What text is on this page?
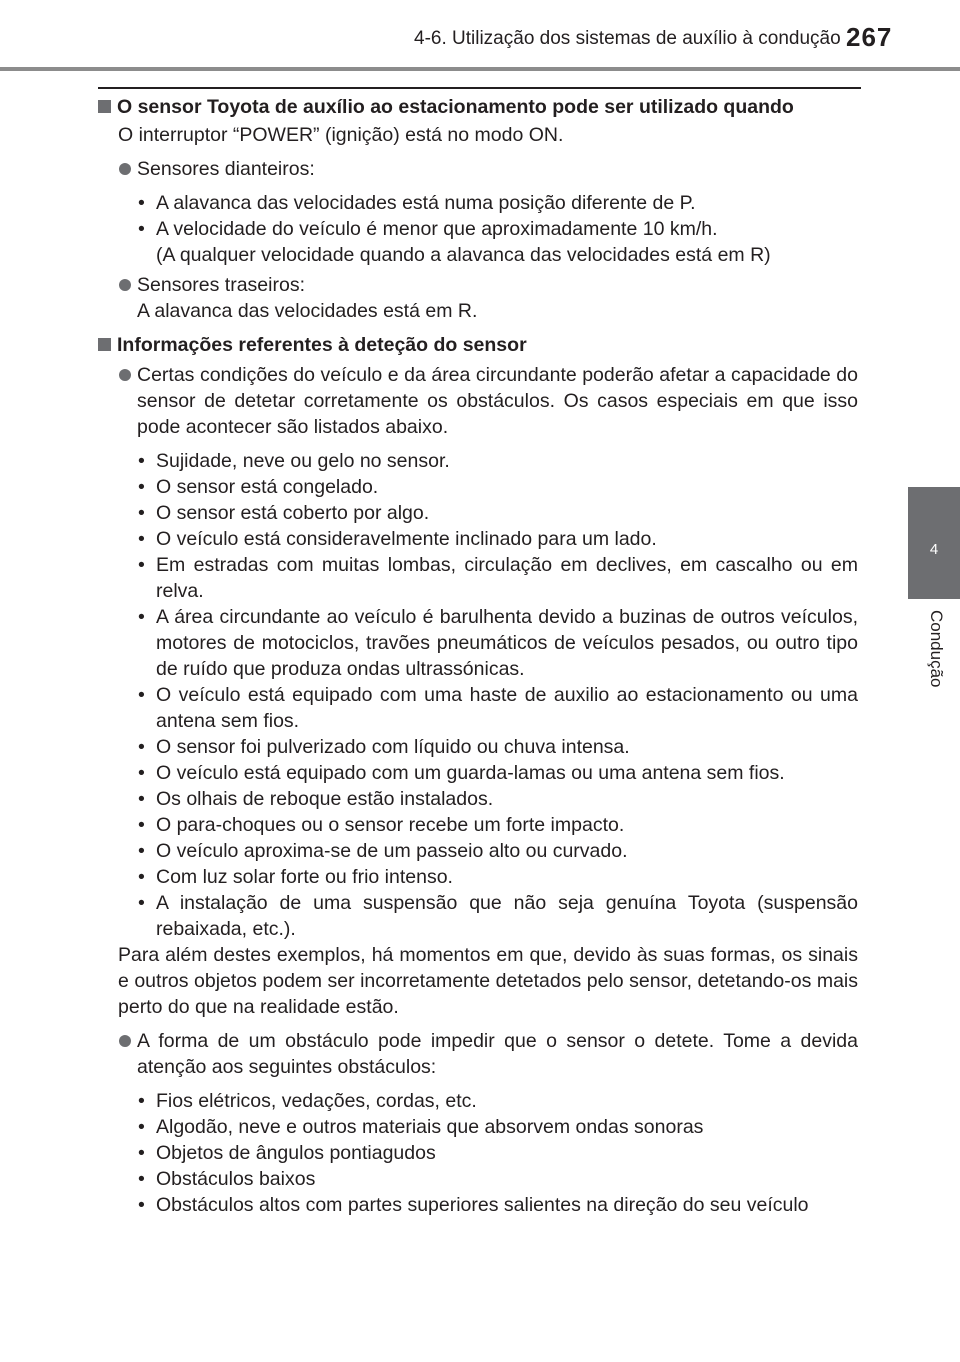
4-6. Utilização dos sistemas de auxílio à condução 267
4
Condução
O sensor Toyota de auxílio ao estacionamento pode ser utilizado quando
O interruptor “POWER” (ignição) está no modo ON.
Sensores dianteiros:
• A alavanca das velocidades está numa posição diferente de P.
• A velocidade do veículo é menor que aproximadamente 10 km/h.
(A qualquer velocidade quando a alavanca das velocidades está em R)
Sensores traseiros:
A alavanca das velocidades está em R.
Informações referentes à deteção do sensor
Certas condições do veículo e da área circundante poderão afetar a capacidade do sensor de detetar corretamente os obstáculos. Os casos especiais em que isso pode acontecer são listados abaixo.
• Sujidade, neve ou gelo no sensor.
• O sensor está congelado.
• O sensor está coberto por algo.
• O veículo está consideravelmente inclinado para um lado.
• Em estradas com muitas lombas, circulação em declives, em cascalho ou em relva.
• A área circundante ao veículo é barulhenta devido a buzinas de outros veículos, motores de motociclos, travões pneumáticos de veículos pesados, ou outro tipo de ruído que produza ondas ultrassónicas.
• O veículo está equipado com uma haste de auxilio ao estacionamento ou uma antena sem fios.
• O sensor foi pulverizado com líquido ou chuva intensa.
• O veículo está equipado com um guarda-lamas ou uma antena sem fios.
• Os olhais de reboque estão instalados.
• O para-choques ou o sensor recebe um forte impacto.
• O veículo aproxima-se de um passeio alto ou curvado.
• Com luz solar forte ou frio intenso.
• A instalação de uma suspensão que não seja genuína Toyota (suspensão rebaixada, etc.).
Para além destes exemplos, há momentos em que, devido às suas formas, os sinais e outros objetos podem ser incorretamente detetados pelo sensor, detetando-os mais perto do que na realidade estão.
A forma de um obstáculo pode impedir que o sensor o detete. Tome a devida atenção aos seguintes obstáculos:
• Fios elétricos, vedações, cordas, etc.
• Algodão, neve e outros materiais que absorvem ondas sonoras
• Objetos de ângulos pontiagudos
• Obstáculos baixos
• Obstáculos altos com partes superiores salientes na direção do seu veículo
